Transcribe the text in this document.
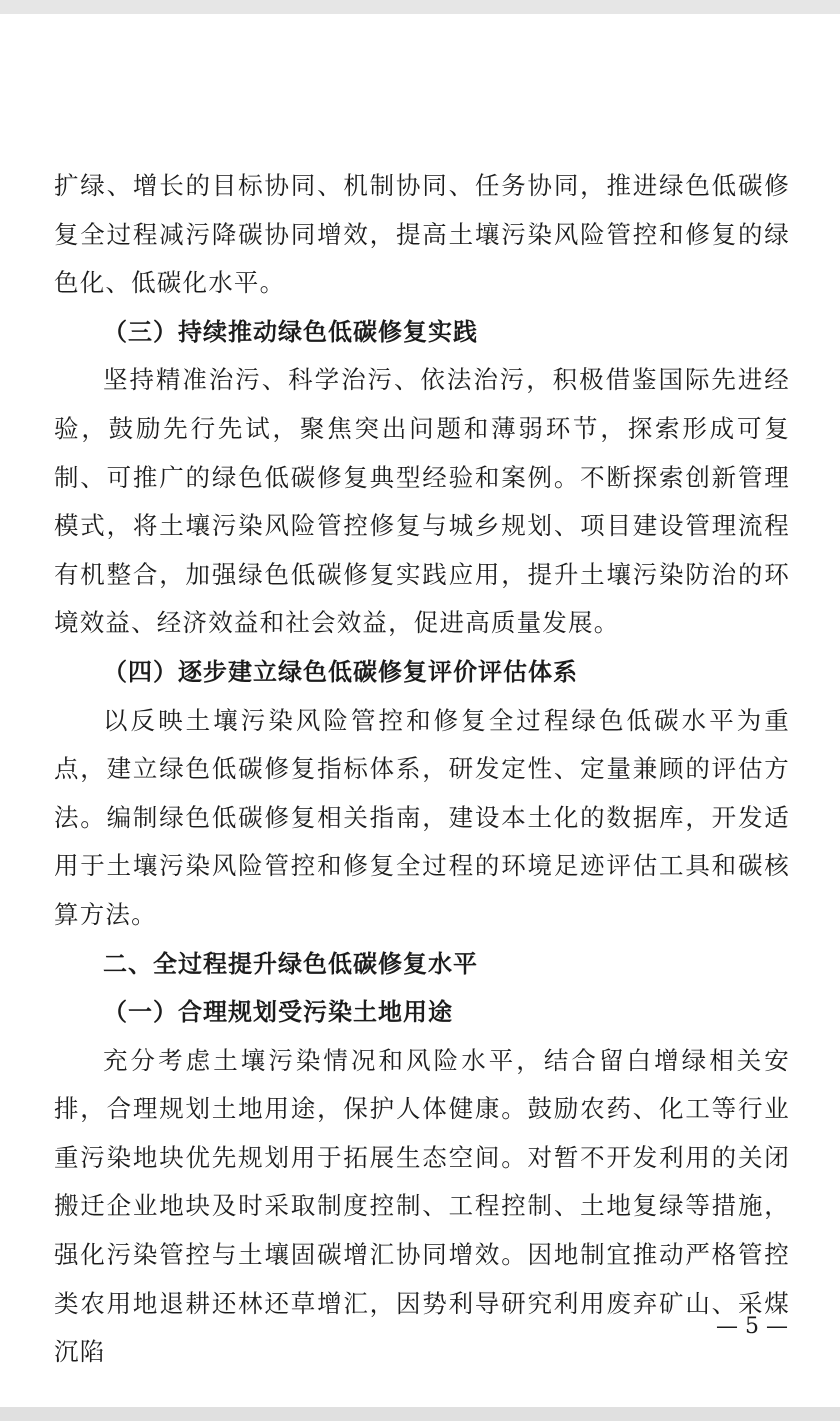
扩绿、增长的目标协同、机制协同、任务协同，推进绿色低碳修复全过程减污降碳协同增效，提高土壤污染风险管控和修复的绿色化、低碳化水平。

（三）持续推动绿色低碳修复实践

坚持精准治污、科学治污、依法治污，积极借鉴国际先进经验，鼓励先行先试，聚焦突出问题和薄弱环节，探索形成可复制、可推广的绿色低碳修复典型经验和案例。不断探索创新管理模式，将土壤污染风险管控修复与城乡规划、项目建设管理流程有机整合，加强绿色低碳修复实践应用，提升土壤污染防治的环境效益、经济效益和社会效益，促进高质量发展。

（四）逐步建立绿色低碳修复评价评估体系

以反映土壤污染风险管控和修复全过程绿色低碳水平为重点，建立绿色低碳修复指标体系，研发定性、定量兼顾的评估方法。编制绿色低碳修复相关指南，建设本土化的数据库，开发适用于土壤污染风险管控和修复全过程的环境足迹评估工具和碳核算方法。

二、全过程提升绿色低碳修复水平

（一）合理规划受污染土地用途

充分考虑土壤污染情况和风险水平，结合留白增绿相关安排，合理规划土地用途，保护人体健康。鼓励农药、化工等行业重污染地块优先规划用于拓展生态空间。对暂不开发利用的关闭搬迁企业地块及时采取制度控制、工程控制、土地复绿等措施，强化污染管控与土壤固碳增汇协同增效。因地制宜推动严格管控类农用地退耕还林还草增汇，因势利导研究利用废弃矿山、采煤沉陷

— 5 —
